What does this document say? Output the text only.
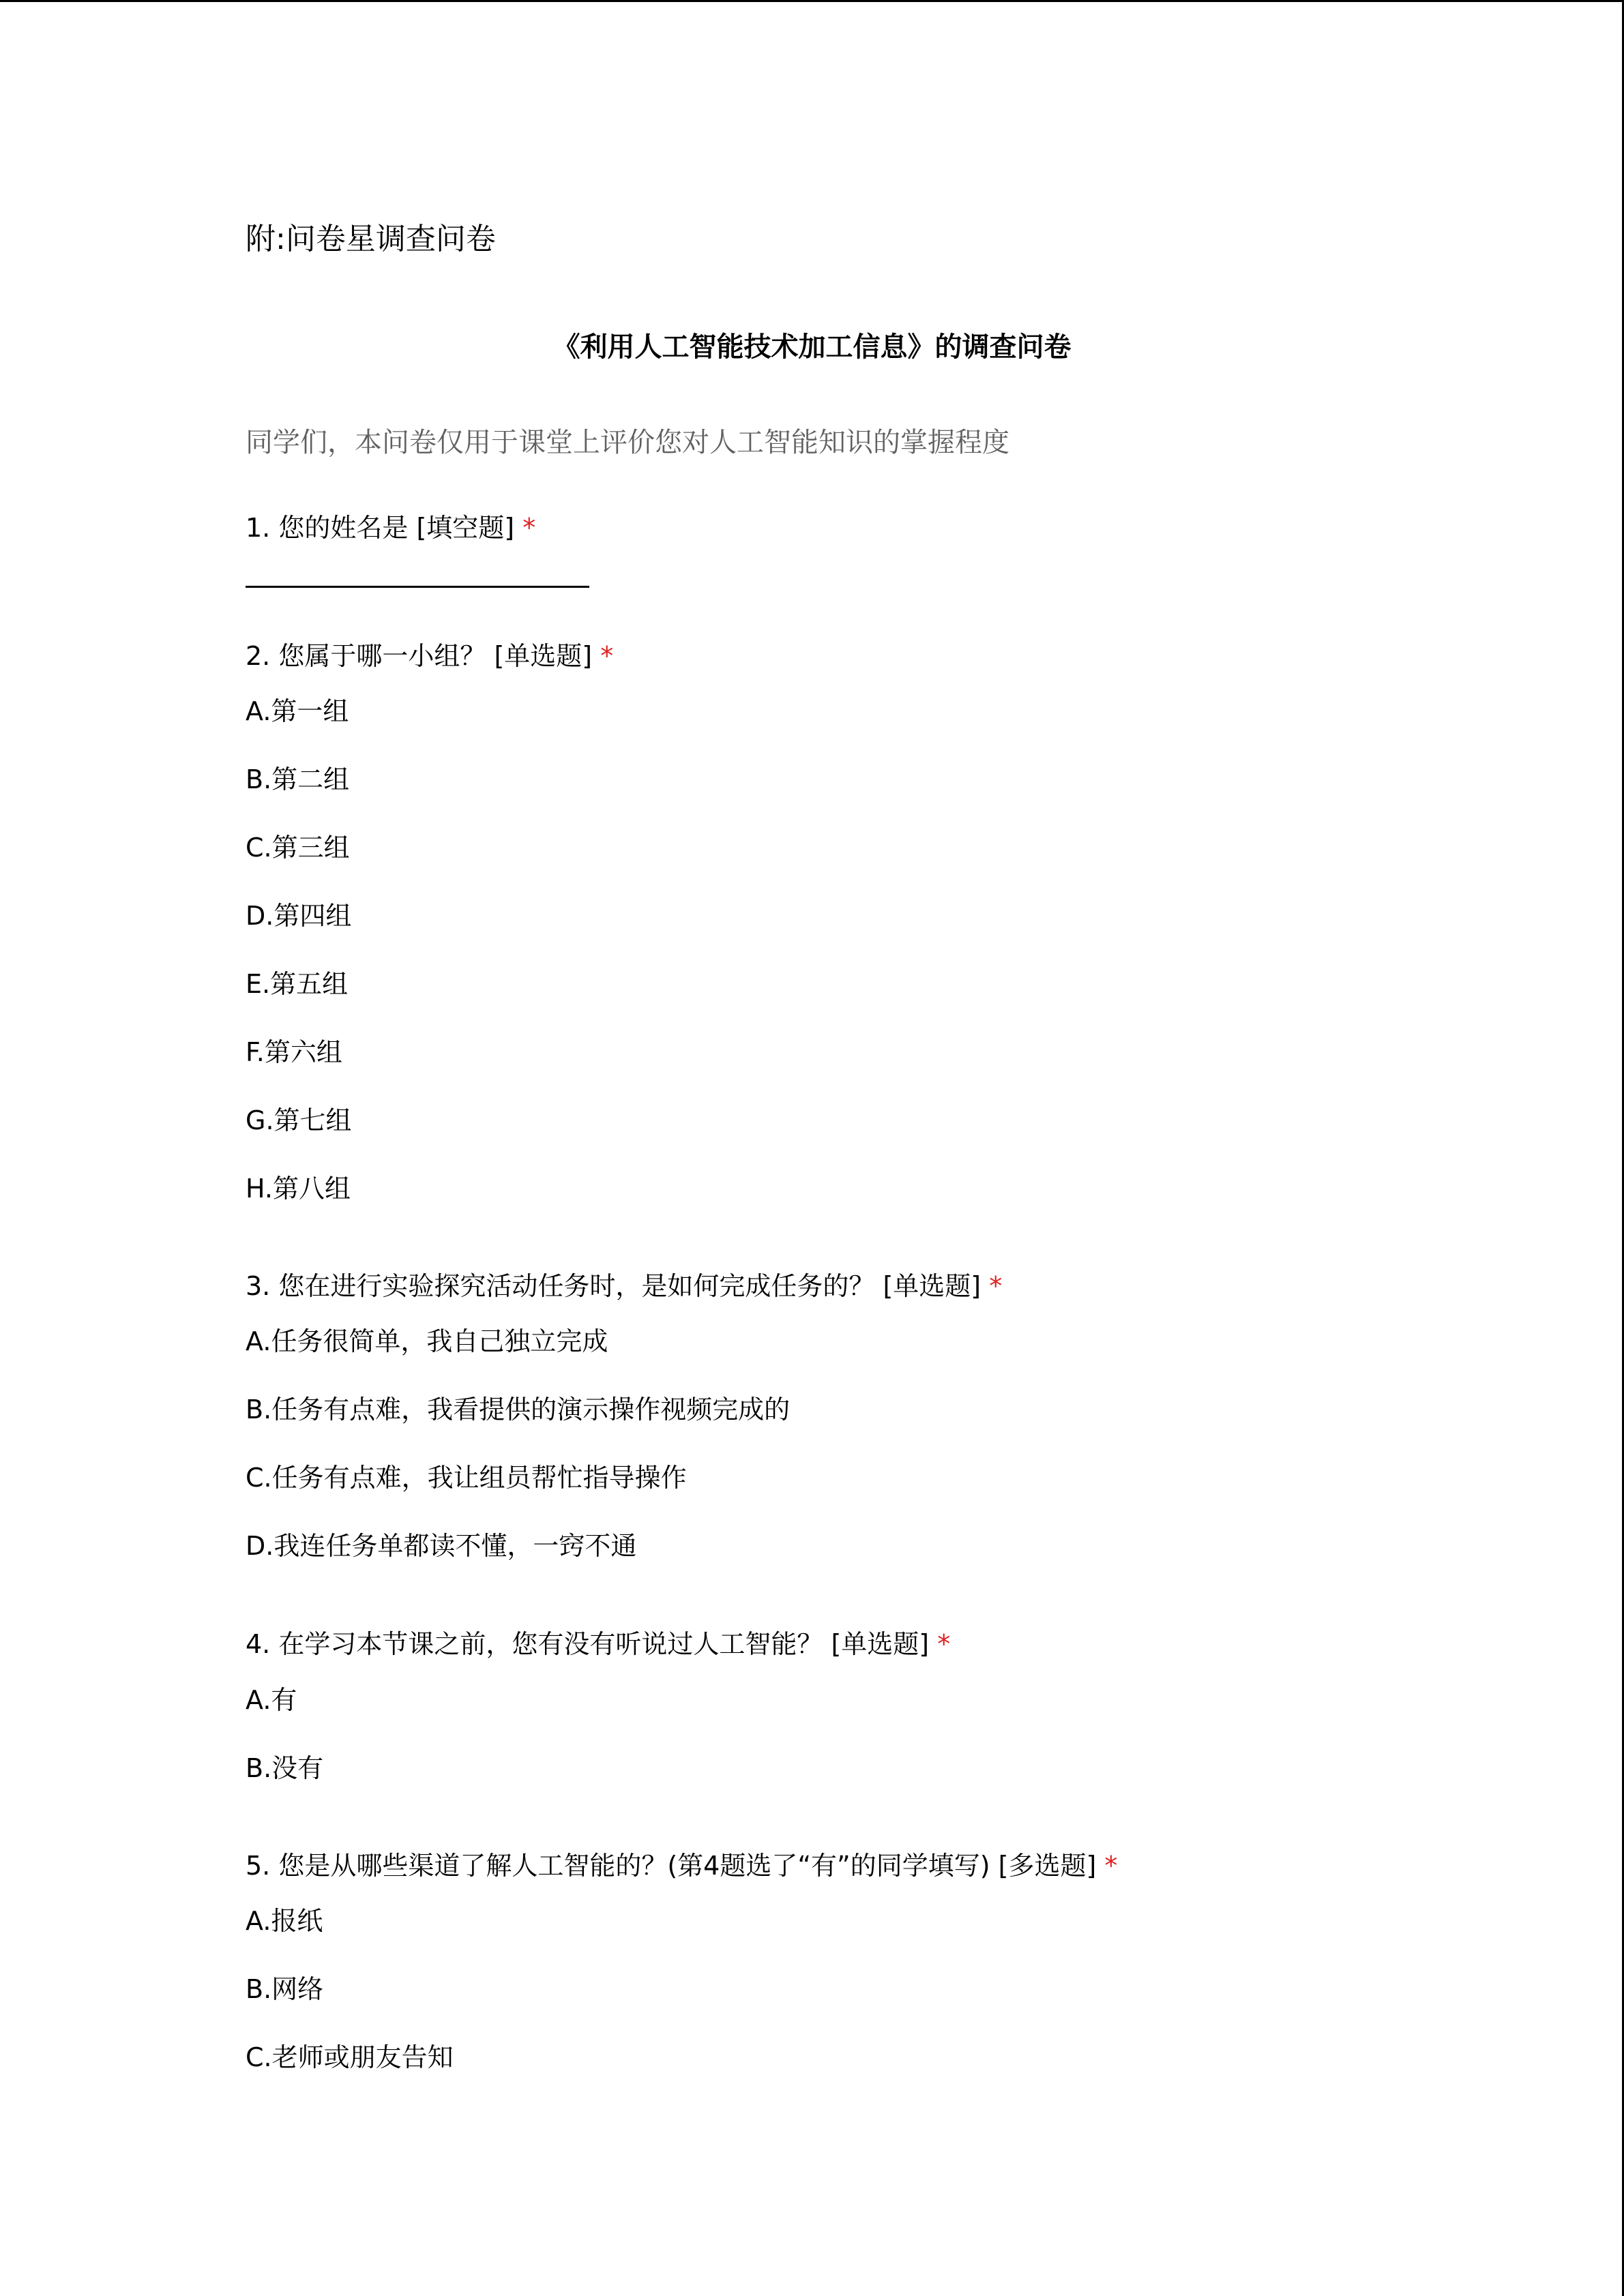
附:问卷星调查问卷
《利用人工智能技术加工信息》的调查问卷
同学们，本问卷仅用于课堂上评价您对人工智能知识的掌握程度
1. 您的姓名是 [填空题] *
2. 您属于哪一小组？ [单选题] *
A.第一组
B.第二组
C.第三组
D.第四组
E.第五组
F.第六组
G.第七组
H.第八组
3. 您在进行实验探究活动任务时，是如何完成任务的？ [单选题] *
A.任务很简单，我自己独立完成
B.任务有点难，我看提供的演示操作视频完成的
C.任务有点难，我让组员帮忙指导操作
D.我连任务单都读不懂，一窍不通
4. 在学习本节课之前，您有没有听说过人工智能？ [单选题] *
A.有
B.没有
5. 您是从哪些渠道了解人工智能的？(第4题选了“有”的同学填写) [多选题] *
A.报纸
B.网络
C.老师或朋友告知
